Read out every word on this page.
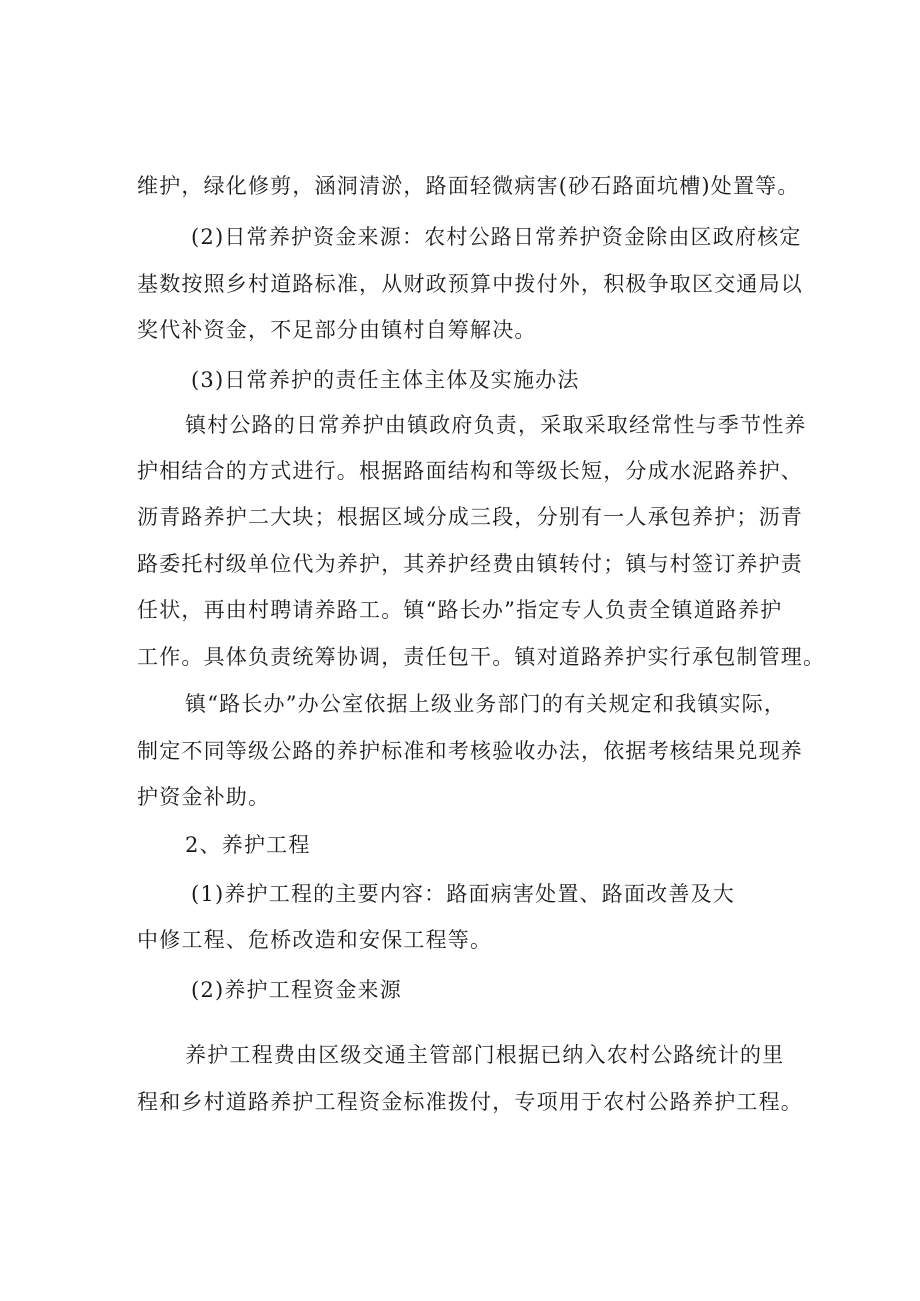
维护，绿化修剪，涵洞清淤，路面轻微病害(砂石路面坑槽)处置等。
(2)日常养护资金来源：农村公路日常养护资金除由区政府核定
基数按照乡村道路标准，从财政预算中拨付外，积极争取区交通局以
奖代补资金，不足部分由镇村自筹解决。
(3)日常养护的责任主体主体及实施办法
镇村公路的日常养护由镇政府负责，采取采取经常性与季节性养
护相结合的方式进行。根据路面结构和等级长短，分成水泥路养护、
沥青路养护二大块；根据区域分成三段，分别有一人承包养护；沥青
路委托村级单位代为养护，其养护经费由镇转付；镇与村签订养护责
任状，再由村聘请养路工。镇“路长办”指定专人负责全镇道路养护
工作。具体负责统筹协调，责任包干。镇对道路养护实行承包制管理。
镇“路长办”办公室依据上级业务部门的有关规定和我镇实际，
制定不同等级公路的养护标准和考核验收办法，依据考核结果兑现养
护资金补助。
2、养护工程
(1)养护工程的主要内容：路面病害处置、路面改善及大
中修工程、危桥改造和安保工程等。
(2)养护工程资金来源
养护工程费由区级交通主管部门根据已纳入农村公路统计的里
程和乡村道路养护工程资金标准拨付，专项用于农村公路养护工程。
